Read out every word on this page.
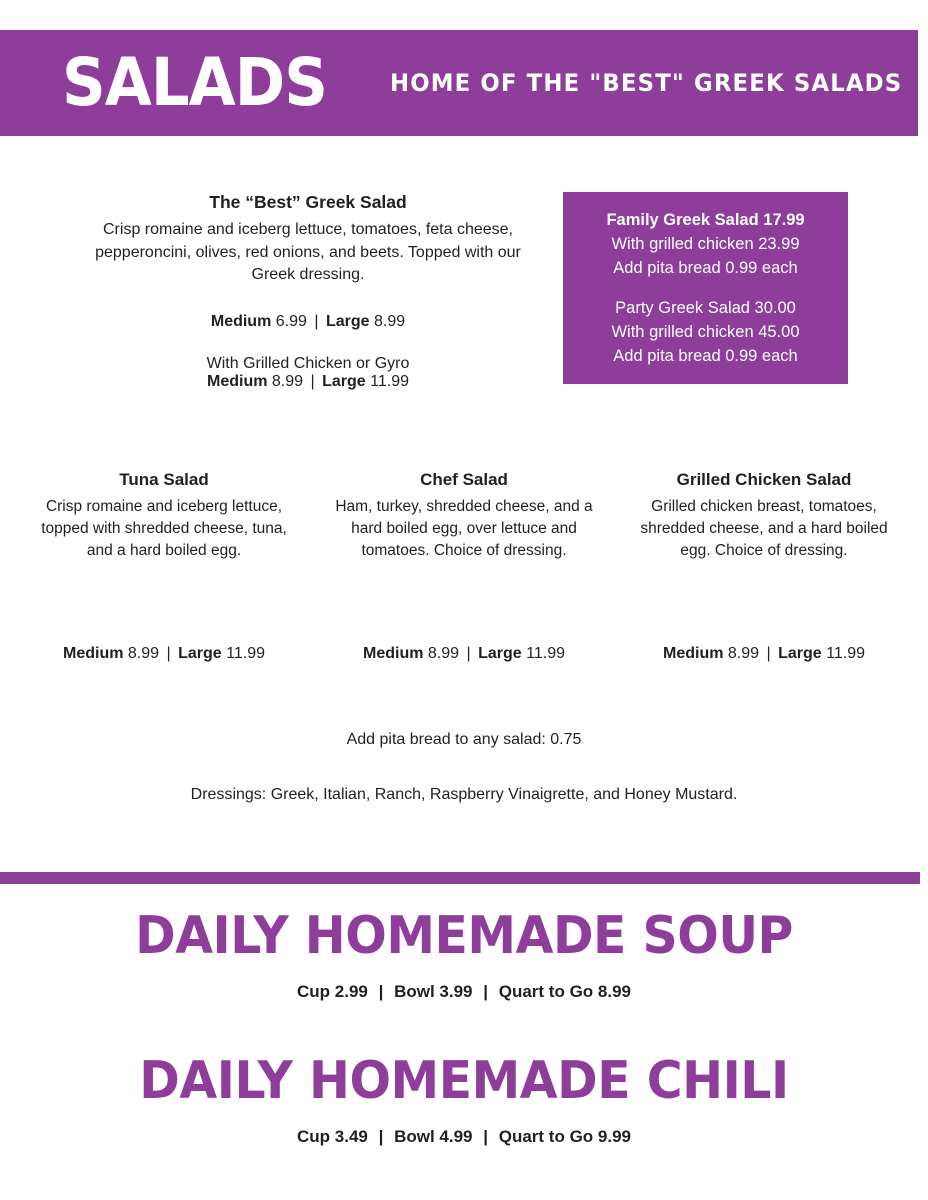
SALADS	HOME OF THE "BEST" GREEK SALADS

The “Best” Greek Salad

Crisp romaine and iceberg lettuce, tomatoes, feta cheese, pepperoncini, olives, red onions, and beets. Topped with our Greek dressing.

Medium 6.99 | Large 8.99

With Grilled Chicken or Gyro

Medium 8.99 | Large 11.99

Family Greek Salad 17.99

With grilled chicken 23.99

Add pita bread 0.99 each

Party Greek Salad 30.00

With grilled chicken 45.00

Add pita bread 0.99 each

Tuna Salad

Crisp romaine and iceberg lettuce, topped with shredded cheese, tuna, and a hard boiled egg.

Chef Salad

Ham, turkey, shredded cheese, and a hard boiled egg, over lettuce and tomatoes. Choice of dressing.

Grilled Chicken Salad

Grilled chicken breast, tomatoes, shredded cheese, and a hard boiled egg. Choice of dressing.

Medium 8.99 | Large 11.99	Medium 8.99 | Large 11.99	Medium 8.99 | Large 11.99
Add pita bread to any salad: 0.75
Dressings: Greek, Italian, Ranch, Raspberry Vinaigrette, and Honey Mustard.
DAILY HOMEMADE SOUP
Cup 2.99 | Bowl 3.99 | Quart to Go 8.99
DAILY HOMEMADE CHILI
Cup 3.49 | Bowl 4.99 | Quart to Go 9.99
